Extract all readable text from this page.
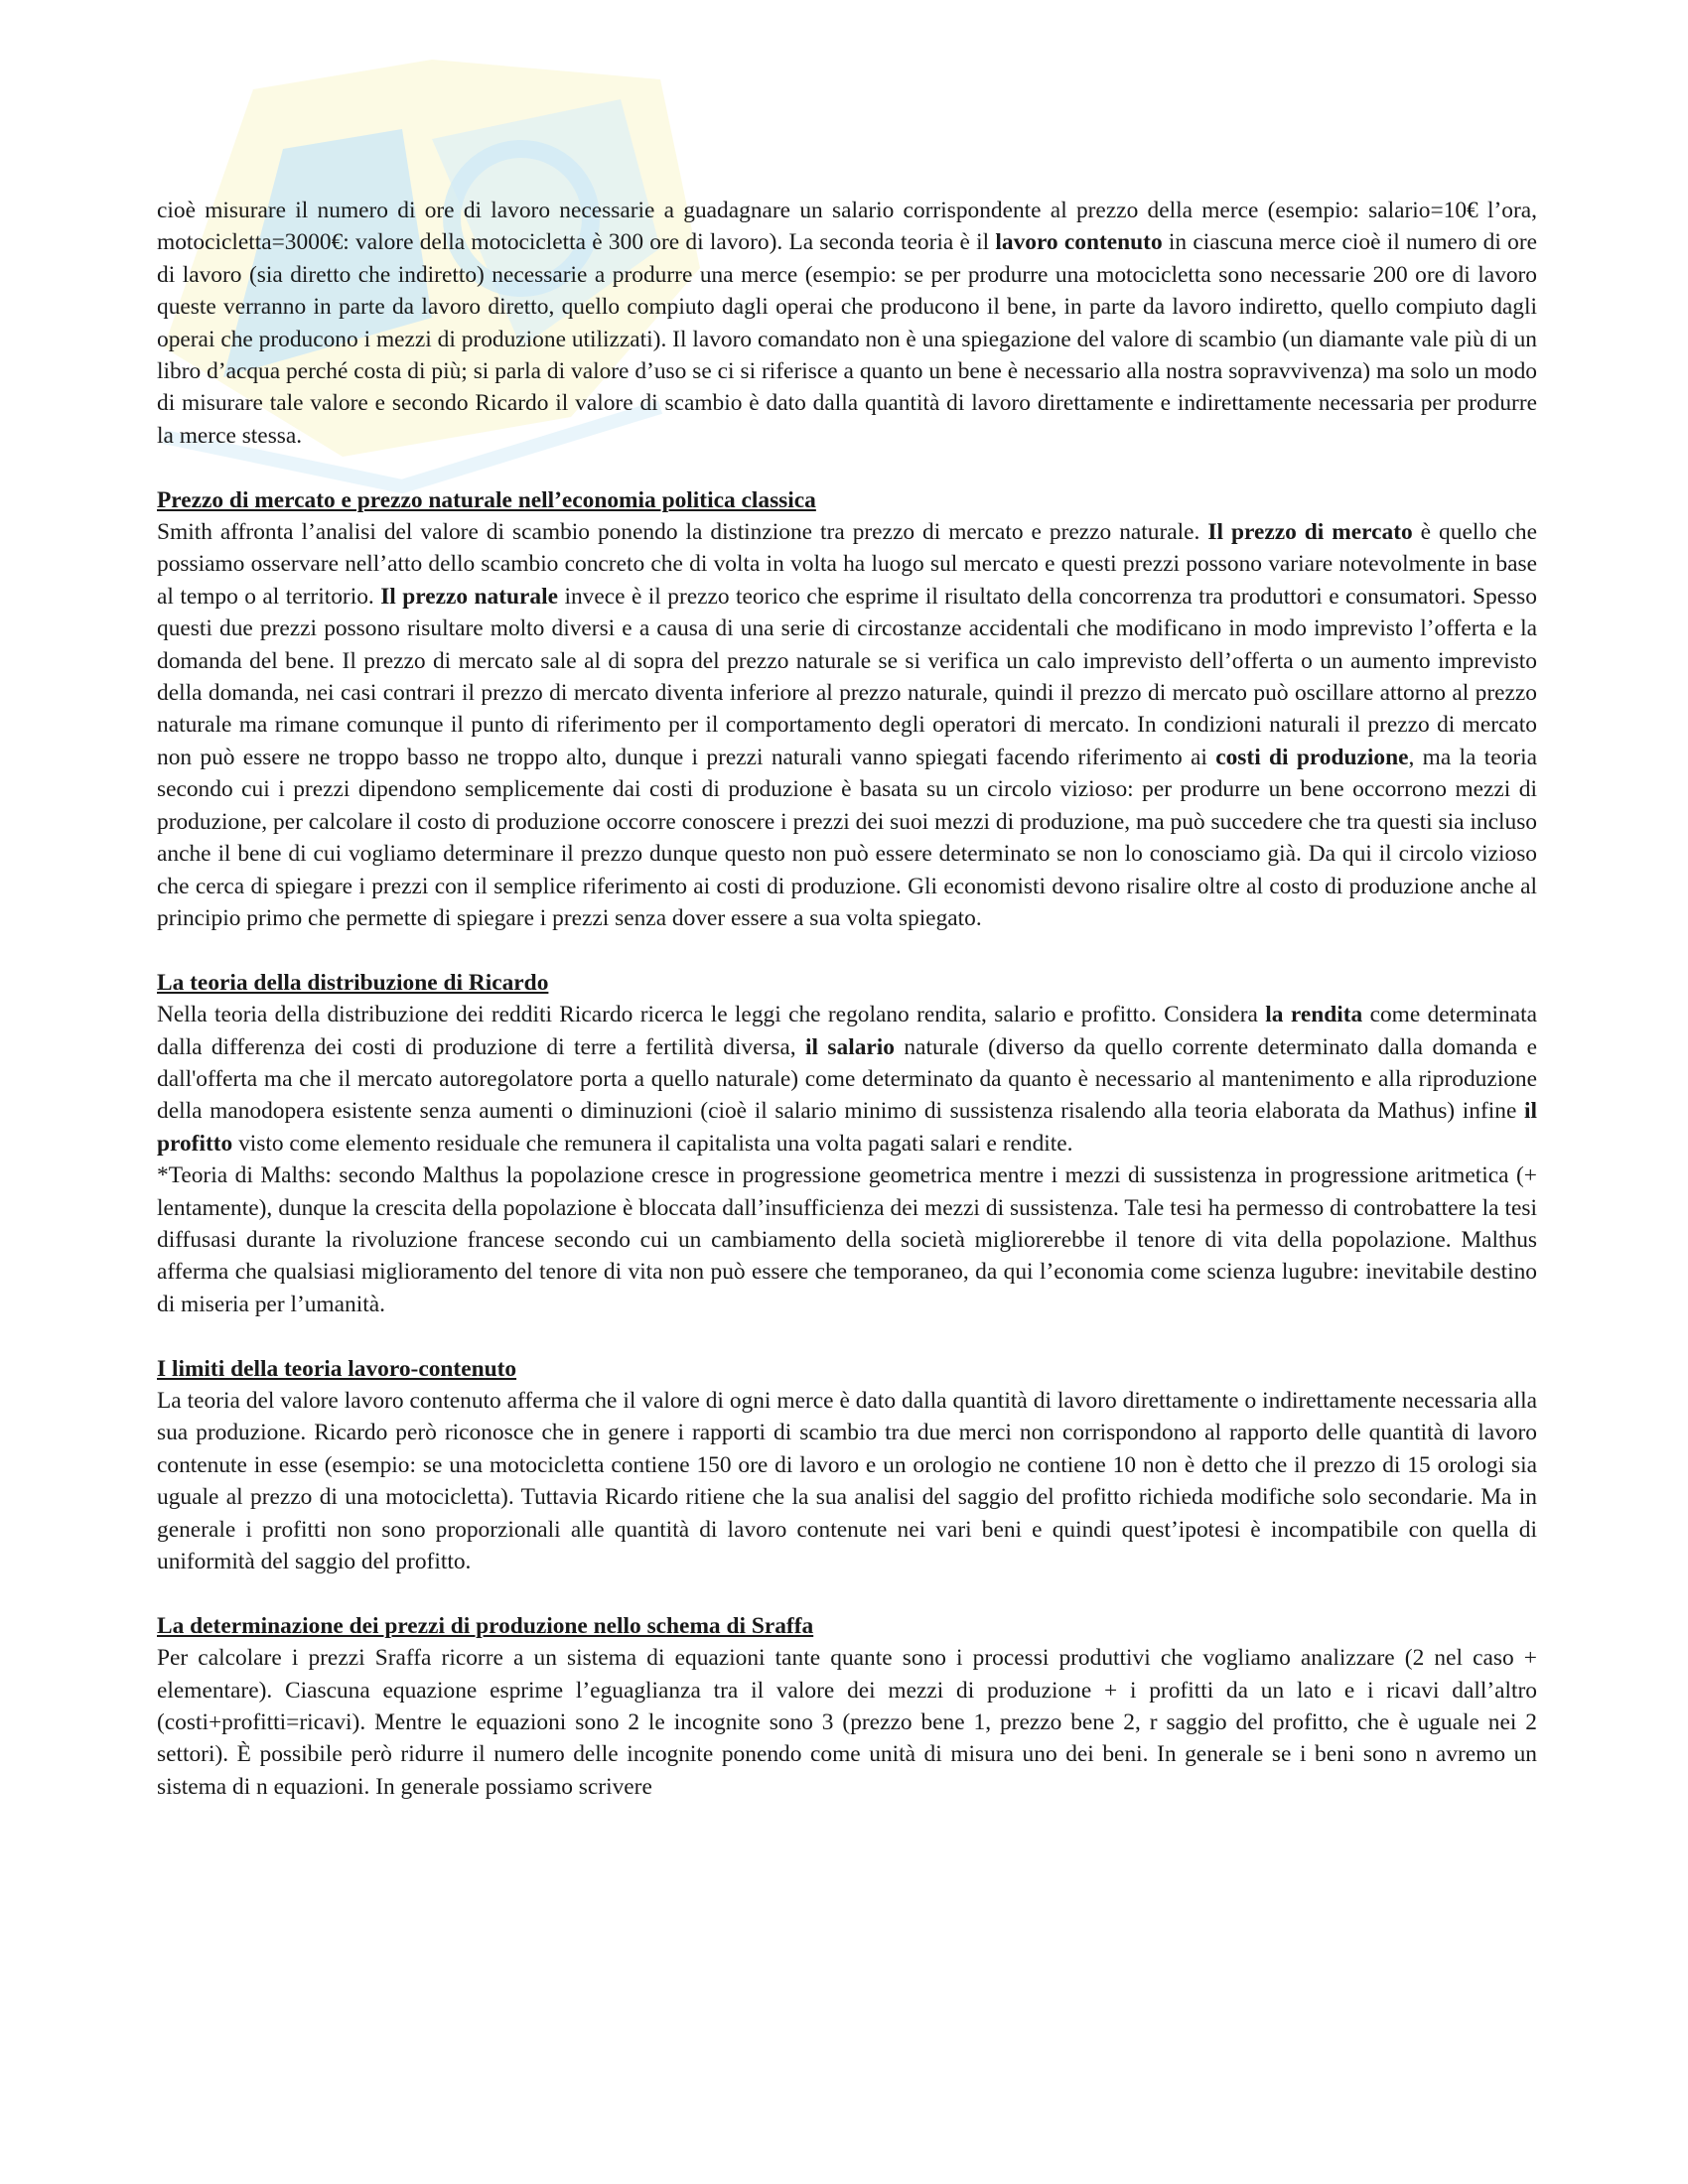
cioè misurare il numero di ore di lavoro necessarie a guadagnare un salario corrispondente al prezzo della merce (esempio: salario=10€ l’ora, motocicletta=3000€: valore della motocicletta è 300 ore di lavoro). La seconda teoria è il lavoro contenuto in ciascuna merce cioè il numero di ore di lavoro (sia diretto che indiretto) necessarie a produrre una merce (esempio: se per produrre una motocicletta sono necessarie 200 ore di lavoro queste verranno in parte da lavoro diretto, quello compiuto dagli operai che producono il bene, in parte da lavoro indiretto, quello compiuto dagli operai che producono i mezzi di produzione utilizzati). Il lavoro comandato non è una spiegazione del valore di scambio (un diamante vale più di un libro d’acqua perché costa di più; si parla di valore d’uso se ci si riferisce a quanto un bene è necessario alla nostra sopravvivenza) ma solo un modo di misurare tale valore e secondo Ricardo il valore di scambio è dato dalla quantità di lavoro direttamente e indirettamente necessaria per produrre la merce stessa.

Prezzo di mercato e prezzo naturale nell’economia politica classica

Smith affronta l’analisi del valore di scambio ponendo la distinzione tra prezzo di mercato e prezzo naturale. Il prezzo di mercato è quello che possiamo osservare nell’atto dello scambio concreto che di volta in volta ha luogo sul mercato e questi prezzi possono variare notevolmente in base al tempo o al territorio. Il prezzo naturale invece è il prezzo teorico che esprime il risultato della concorrenza tra produttori e consumatori. Spesso questi due prezzi possono risultare molto diversi e a causa di una serie di circostanze accidentali che modificano in modo imprevisto l’offerta e la domanda del bene. Il prezzo di mercato sale al di sopra del prezzo naturale se si verifica un calo imprevisto dell’offerta o un aumento imprevisto della domanda, nei casi contrari il prezzo di mercato diventa inferiore al prezzo naturale, quindi il prezzo di mercato può oscillare attorno al prezzo naturale ma rimane comunque il punto di riferimento per il comportamento degli operatori di mercato. In condizioni naturali il prezzo di mercato non può essere ne troppo basso ne troppo alto, dunque i prezzi naturali vanno spiegati facendo riferimento ai costi di produzione, ma la teoria secondo cui i prezzi dipendono semplicemente dai costi di produzione è basata su un circolo vizioso: per produrre un bene occorrono mezzi di produzione, per calcolare il costo di produzione occorre conoscere i prezzi dei suoi mezzi di produzione, ma può succedere che tra questi sia incluso anche il bene di cui vogliamo determinare il prezzo dunque questo non può essere determinato se non lo conosciamo già. Da qui il circolo vizioso che cerca di spiegare i prezzi con il semplice riferimento ai costi di produzione. Gli economisti devono risalire oltre al costo di produzione anche al principio primo che permette di spiegare i prezzi senza dover essere a sua volta spiegato.

La teoria della distribuzione di Ricardo

Nella teoria della distribuzione dei redditi Ricardo ricerca le leggi che regolano rendita, salario e profitto. Considera la rendita come determinata dalla differenza dei costi di produzione di terre a fertilità diversa, il salario naturale (diverso da quello corrente determinato dalla domanda e dall'offerta ma che il mercato autoregolatore porta a quello naturale) come determinato da quanto è necessario al mantenimento e alla riproduzione della manodopera esistente senza aumenti o diminuzioni (cioè il salario minimo di sussistenza risalendo alla teoria elaborata da Mathus) infine il profitto visto come elemento residuale che remunera il capitalista una volta pagati salari e rendite.

*Teoria di Malths: secondo Malthus la popolazione cresce in progressione geometrica mentre i mezzi di sussistenza in progressione aritmetica (+ lentamente), dunque la crescita della popolazione è bloccata dall’insufficienza dei mezzi di sussistenza. Tale tesi ha permesso di controbattere la tesi diffusasi durante la rivoluzione francese secondo cui un cambiamento della società migliorerebbe il tenore di vita della popolazione. Malthus afferma che qualsiasi miglioramento del tenore di vita non può essere che temporaneo, da qui l’economia come scienza lugubre: inevitabile destino di miseria per l’umanità.

I limiti della teoria lavoro-contenuto

La teoria del valore lavoro contenuto afferma che il valore di ogni merce è dato dalla quantità di lavoro direttamente o indirettamente necessaria alla sua produzione. Ricardo però riconosce che in genere i rapporti di scambio tra due merci non corrispondono al rapporto delle quantità di lavoro contenute in esse (esempio: se una motocicletta contiene 150 ore di lavoro e un orologio ne contiene 10 non è detto che il prezzo di 15 orologi sia uguale al prezzo di una motocicletta). Tuttavia Ricardo ritiene che la sua analisi del saggio del profitto richieda modifiche solo secondarie. Ma in generale i profitti non sono proporzionali alle quantità di lavoro contenute nei vari beni e quindi quest’ipotesi è incompatibile con quella di uniformità del saggio del profitto.

La determinazione dei prezzi di produzione nello schema di Sraffa

Per calcolare i prezzi Sraffa ricorre a un sistema di equazioni tante quante sono i processi produttivi che vogliamo analizzare (2 nel caso + elementare). Ciascuna equazione esprime l’eguaglianza tra il valore dei mezzi di produzione + i profitti da un lato e i ricavi dall’altro (costi+profitti=ricavi). Mentre le equazioni sono 2 le incognite sono 3 (prezzo bene 1, prezzo bene 2, r saggio del profitto, che è uguale nei 2 settori). È possibile però ridurre il numero delle incognite ponendo come unità di misura uno dei beni. In generale se i beni sono n avremo un sistema di n equazioni. In generale possiamo scrivere
